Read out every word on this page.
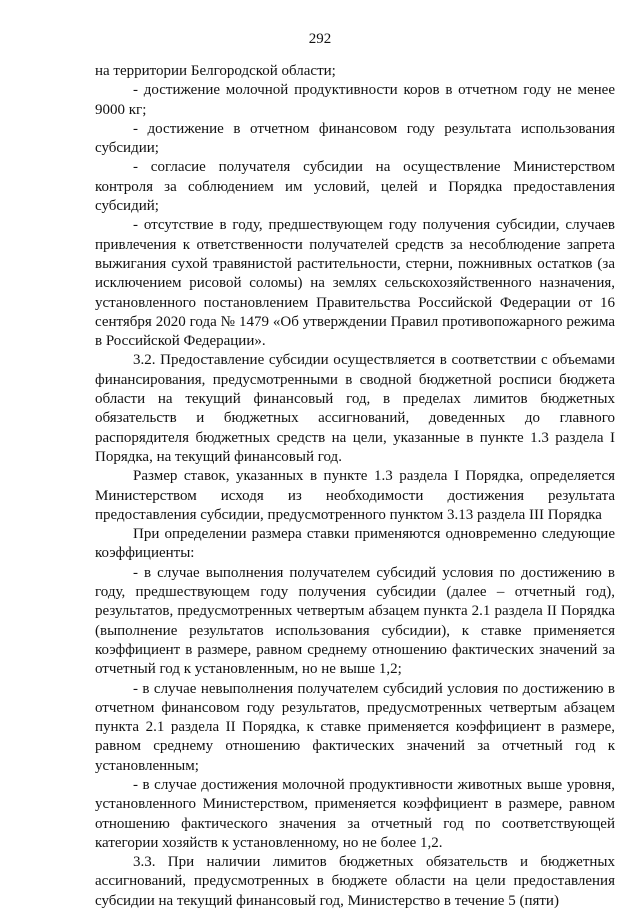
292

на территории Белгородской области;

- достижение молочной продуктивности коров в отчетном году не менее 9000 кг;

- достижение в отчетном финансовом году результата использования субсидии;

- согласие получателя субсидии на осуществление Министерством контроля за соблюдением им условий, целей и Порядка предоставления субсидий;

- отсутствие в году, предшествующем году получения субсидии, случаев привлечения к ответственности получателей средств за несоблюдение запрета выжигания сухой травянистой растительности, стерни, пожнивных остатков (за исключением рисовой соломы) на землях сельскохозяйственного назначения, установленного постановлением Правительства Российской Федерации от 16 сентября 2020 года № 1479 «Об утверждении Правил противопожарного режима в Российской Федерации».

3.2. Предоставление субсидии осуществляется в соответствии с объемами финансирования, предусмотренными в сводной бюджетной росписи бюджета области на текущий финансовый год, в пределах лимитов бюджетных обязательств и бюджетных ассигнований, доведенных до главного распорядителя бюджетных средств на цели, указанные в пункте 1.3 раздела I Порядка, на текущий финансовый год.

Размер ставок, указанных в пункте 1.3 раздела I Порядка, определяется Министерством исходя из необходимости достижения результата предоставления субсидии, предусмотренного пунктом 3.13 раздела III Порядка

При определении размера ставки применяются одновременно следующие коэффициенты:

- в случае выполнения получателем субсидий условия по достижению в году, предшествующем году получения субсидии (далее – отчетный год), результатов, предусмотренных четвертым абзацем пункта 2.1 раздела II Порядка (выполнение результатов использования субсидии), к ставке применяется коэффициент в размере, равном среднему отношению фактических значений за отчетный год к установленным, но не выше 1,2;

- в случае невыполнения получателем субсидий условия по достижению в отчетном финансовом году результатов, предусмотренных четвертым абзацем пункта 2.1 раздела II Порядка, к ставке применяется коэффициент в размере, равном среднему отношению фактических значений за отчетный год к установленным;

- в случае достижения молочной продуктивности животных выше уровня, установленного Министерством, применяется коэффициент в размере, равном отношению фактического значения за отчетный год по соответствующей категории хозяйств к установленному, но не более 1,2.

3.3. При наличии лимитов бюджетных обязательств и бюджетных ассигнований, предусмотренных в бюджете области на цели предоставления субсидии на текущий финансовый год, Министерство в течение 5 (пяти)
